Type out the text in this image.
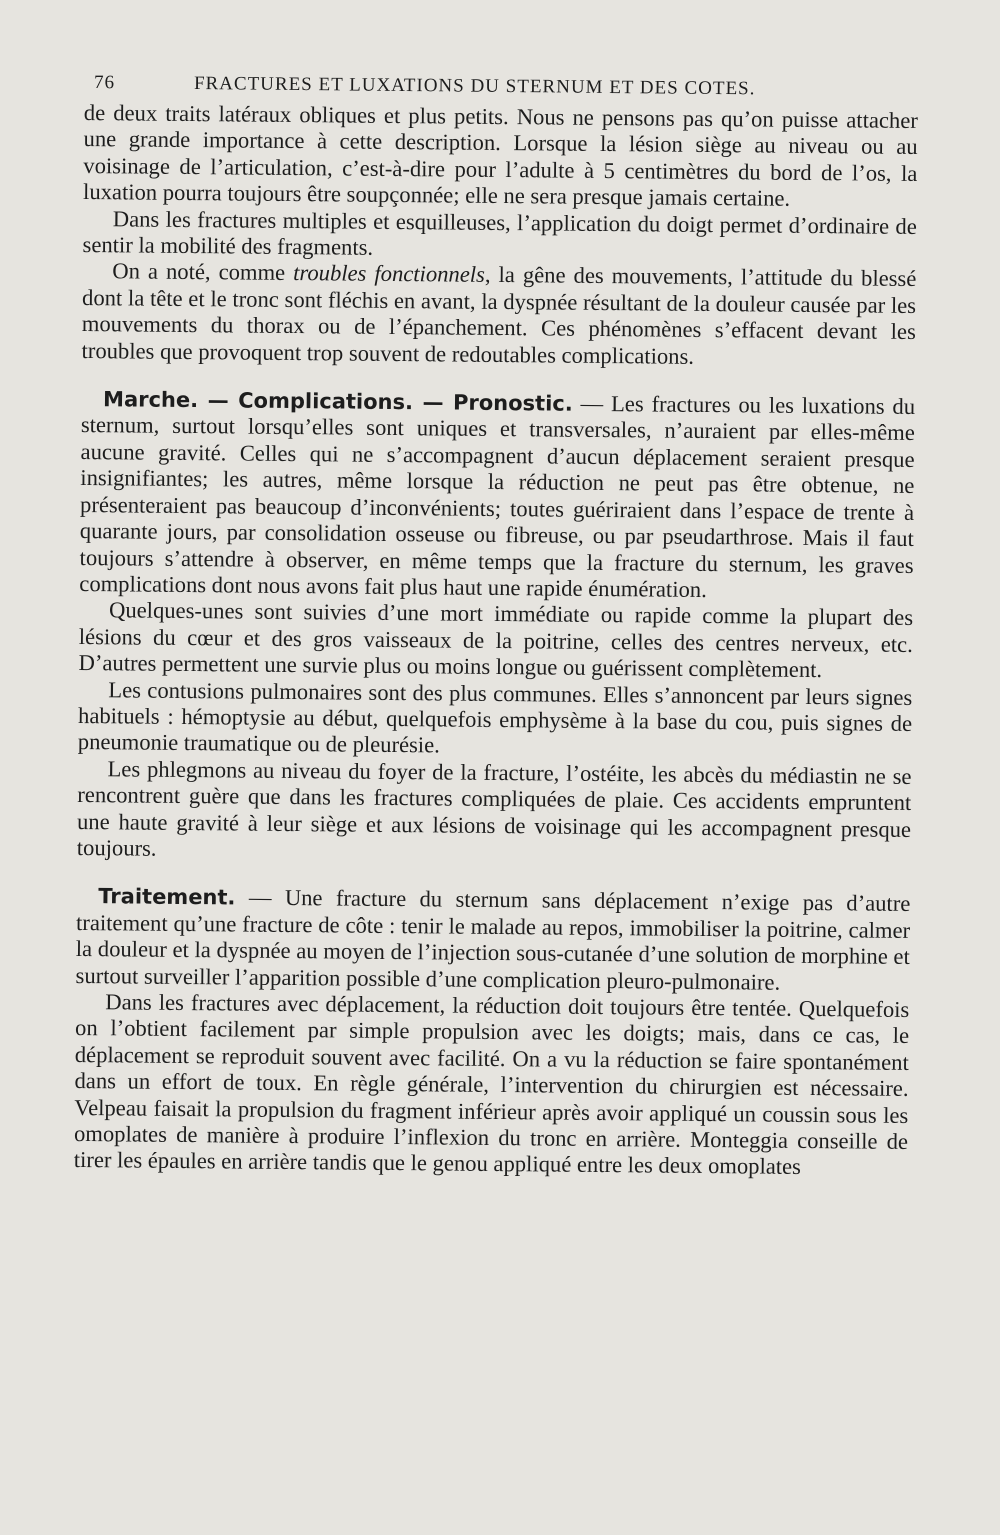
76	FRACTURES ET LUXATIONS DU STERNUM ET DES COTES.

de deux traits latéraux obliques et plus petits. Nous ne pensons pas qu’on puisse attacher une grande importance à cette description. Lorsque la lésion siège au niveau ou au voisinage de l’articulation, c’est-à-dire pour l’adulte à 5 centimètres du bord de l’os, la luxation pourra toujours être soupçonnée; elle ne sera presque jamais certaine.

Dans les fractures multiples et esquilleuses, l’application du doigt permet d’ordinaire de sentir la mobilité des fragments.

On a noté, comme troubles fonctionnels, la gêne des mouvements, l’attitude du blessé dont la tête et le tronc sont fléchis en avant, la dyspnée résultant de la douleur causée par les mouvements du thorax ou de l’épanchement. Ces phénomènes s’effacent devant les troubles que provoquent trop souvent de redoutables complications.

Marche. — Complications. — Pronostic. — Les fractures ou les luxations du sternum, surtout lorsqu’elles sont uniques et transversales, n’auraient par elles-même aucune gravité. Celles qui ne s’accompagnent d’aucun déplacement seraient presque insignifiantes; les autres, même lorsque la réduction ne peut pas être obtenue, ne présenteraient pas beaucoup d’inconvénients; toutes guériraient dans l’espace de trente à quarante jours, par consolidation osseuse ou fibreuse, ou par pseudarthrose. Mais il faut toujours s’attendre à observer, en même temps que la fracture du sternum, les graves complications dont nous avons fait plus haut une rapide énumération.

Quelques-unes sont suivies d’une mort immédiate ou rapide comme la plupart des lésions du cœur et des gros vaisseaux de la poitrine, celles des centres nerveux, etc. D’autres permettent une survie plus ou moins longue ou guérissent complètement.

Les contusions pulmonaires sont des plus communes. Elles s’annoncent par leurs signes habituels : hémoptysie au début, quelquefois emphysème à la base du cou, puis signes de pneumonie traumatique ou de pleurésie.

Les phlegmons au niveau du foyer de la fracture, l’ostéite, les abcès du médiastin ne se rencontrent guère que dans les fractures compliquées de plaie. Ces accidents empruntent une haute gravité à leur siège et aux lésions de voisinage qui les accompagnent presque toujours.

Traitement. — Une fracture du sternum sans déplacement n’exige pas d’autre traitement qu’une fracture de côte : tenir le malade au repos, immobiliser la poitrine, calmer la douleur et la dyspnée au moyen de l’injection sous-cutanée d’une solution de morphine et surtout surveiller l’apparition possible d’une complication pleuro-pulmonaire.

Dans les fractures avec déplacement, la réduction doit toujours être tentée. Quelquefois on l’obtient facilement par simple propulsion avec les doigts; mais, dans ce cas, le déplacement se reproduit souvent avec facilité. On a vu la réduction se faire spontanément dans un effort de toux. En règle générale, l’intervention du chirurgien est nécessaire. Velpeau faisait la propulsion du fragment inférieur après avoir appliqué un coussin sous les omoplates de manière à produire l’inflexion du tronc en arrière. Monteggia conseille de tirer les épaules en arrière tandis que le genou appliqué entre les deux omoplates
